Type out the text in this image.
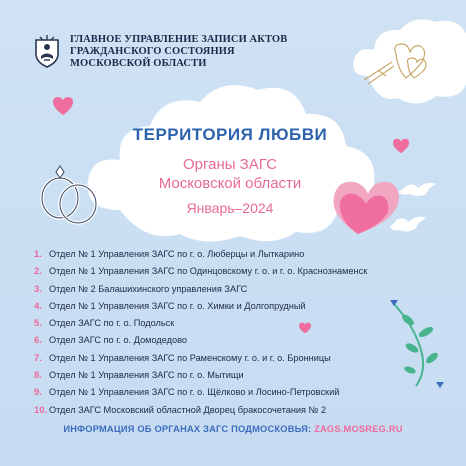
ГЛАВНОЕ УПРАВЛЕНИЕ ЗАПИСИ АКТОВ
ГРАЖДАНСКОГО СОСТОЯНИЯ
МОСКОВСКОЙ ОБЛАСТИ
ТЕРРИТОРИЯ ЛЮБВИ
Органы ЗАГС
Московской области
Январь–2024
1. Отдел № 1 Управления ЗАГС по г. о. Люберцы и Лыткарино
2. Отдел № 1 Управления ЗАГС по Одинцовскому г. о. и г. о. Краснознаменск
3. Отдел № 2 Балашихинского управления ЗАГС
4. Отдел № 1 Управления ЗАГС по г. о. Химки и Долгопрудный
5. Отдел ЗАГС по г. о. Подольск
6. Отдел ЗАГС по г. о. Домодедово
7. Отдел № 1 Управления ЗАГС по Раменскому г. о. и г. о. Бронницы
8. Отдел № 1 Управления ЗАГС по г. о. Мытищи
9. Отдел № 1 Управления ЗАГС по г. о. Щёлково и Лосино-Петровский
10. Отдел ЗАГС Московский областной Дворец бракосочетания № 2
ИНФОРМАЦИЯ ОБ ОРГАНАХ ЗАГС ПОДМОСКОВЬЯ: ZAGS.MOSREG.RU
